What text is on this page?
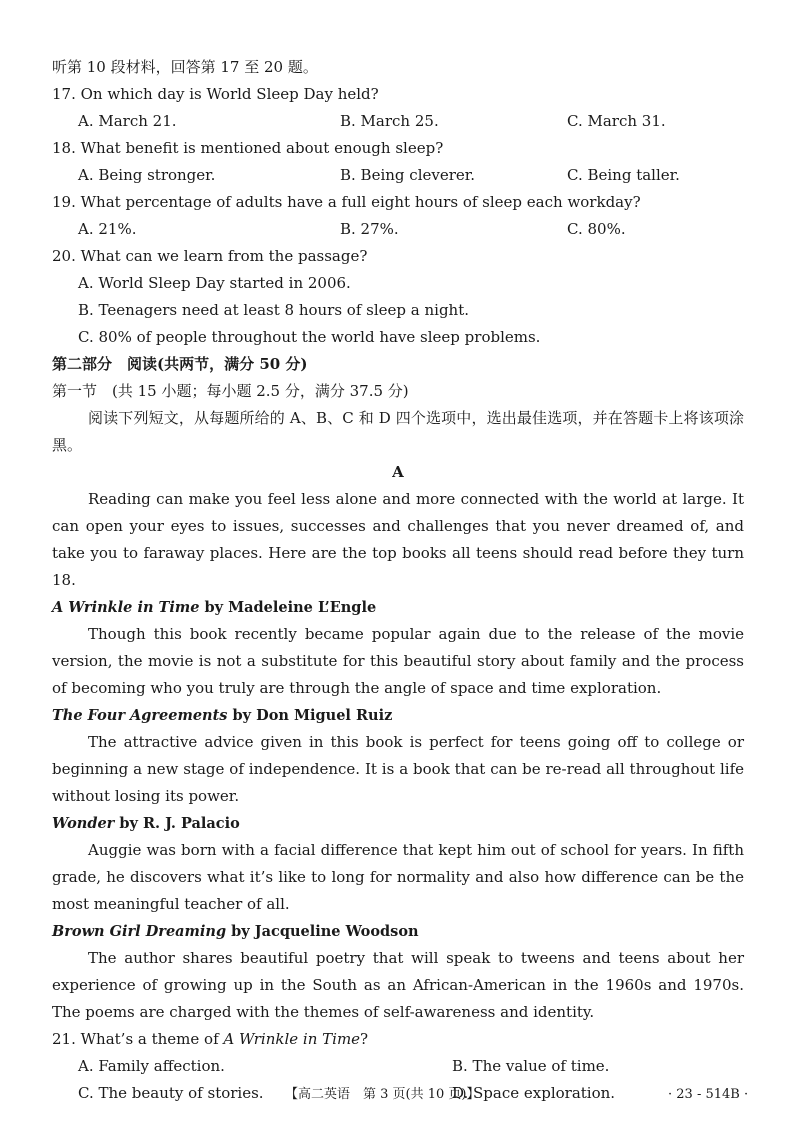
听第 10 段材料，回答第 17 至 20 题。
17. On which day is World Sleep Day held?
A. March 21.	B. March 25.	C. March 31.
18. What benefit is mentioned about enough sleep?
A. Being stronger.	B. Being cleverer.	C. Being taller.
19. What percentage of adults have a full eight hours of sleep each workday?
A. 21%.	B. 27%.	C. 80%.
20. What can we learn from the passage?
A. World Sleep Day started in 2006.
B. Teenagers need at least 8 hours of sleep a night.
C. 80% of people throughout the world have sleep problems.
第二部分　阅读(共两节，满分 50 分)
第一节　(共 15 小题；每小题 2.5 分，满分 37.5 分)

阅读下列短文，从每题所给的 A、B、C 和 D 四个选项中，选出最佳选项，并在答题卡上将该项涂黑。

A

Reading can make you feel less alone and more connected with the world at large. It can open your eyes to issues, successes and challenges that you never dreamed of, and take you to faraway places. Here are the top books all teens should read before they turn 18.

A Wrinkle in Time by Madeleine L’Engle

Though this book recently became popular again due to the release of the movie version, the movie is not a substitute for this beautiful story about family and the process of becoming who you truly are through the angle of space and time exploration.

The Four Agreements by Don Miguel Ruiz

The attractive advice given in this book is perfect for teens going off to college or beginning a new stage of independence. It is a book that can be re-read all throughout life without losing its power.

Wonder by R. J. Palacio

Auggie was born with a facial difference that kept him out of school for years. In fifth grade, he discovers what it’s like to long for normality and also how difference can be the most meaningful teacher of all.

Brown Girl Dreaming by Jacqueline Woodson

The author shares beautiful poetry that will speak to tweens and teens about her experience of growing up in the South as an African-American in the 1960s and 1970s. The poems are charged with the themes of self-awareness and identity.

21. What’s a theme of A Wrinkle in Time?
A. Family affection.	B. The value of time.
C. The beauty of stories.	D. Space exploration.
【高二英语　第 3 页(共 10 页)】	· 23 - 514B ·
